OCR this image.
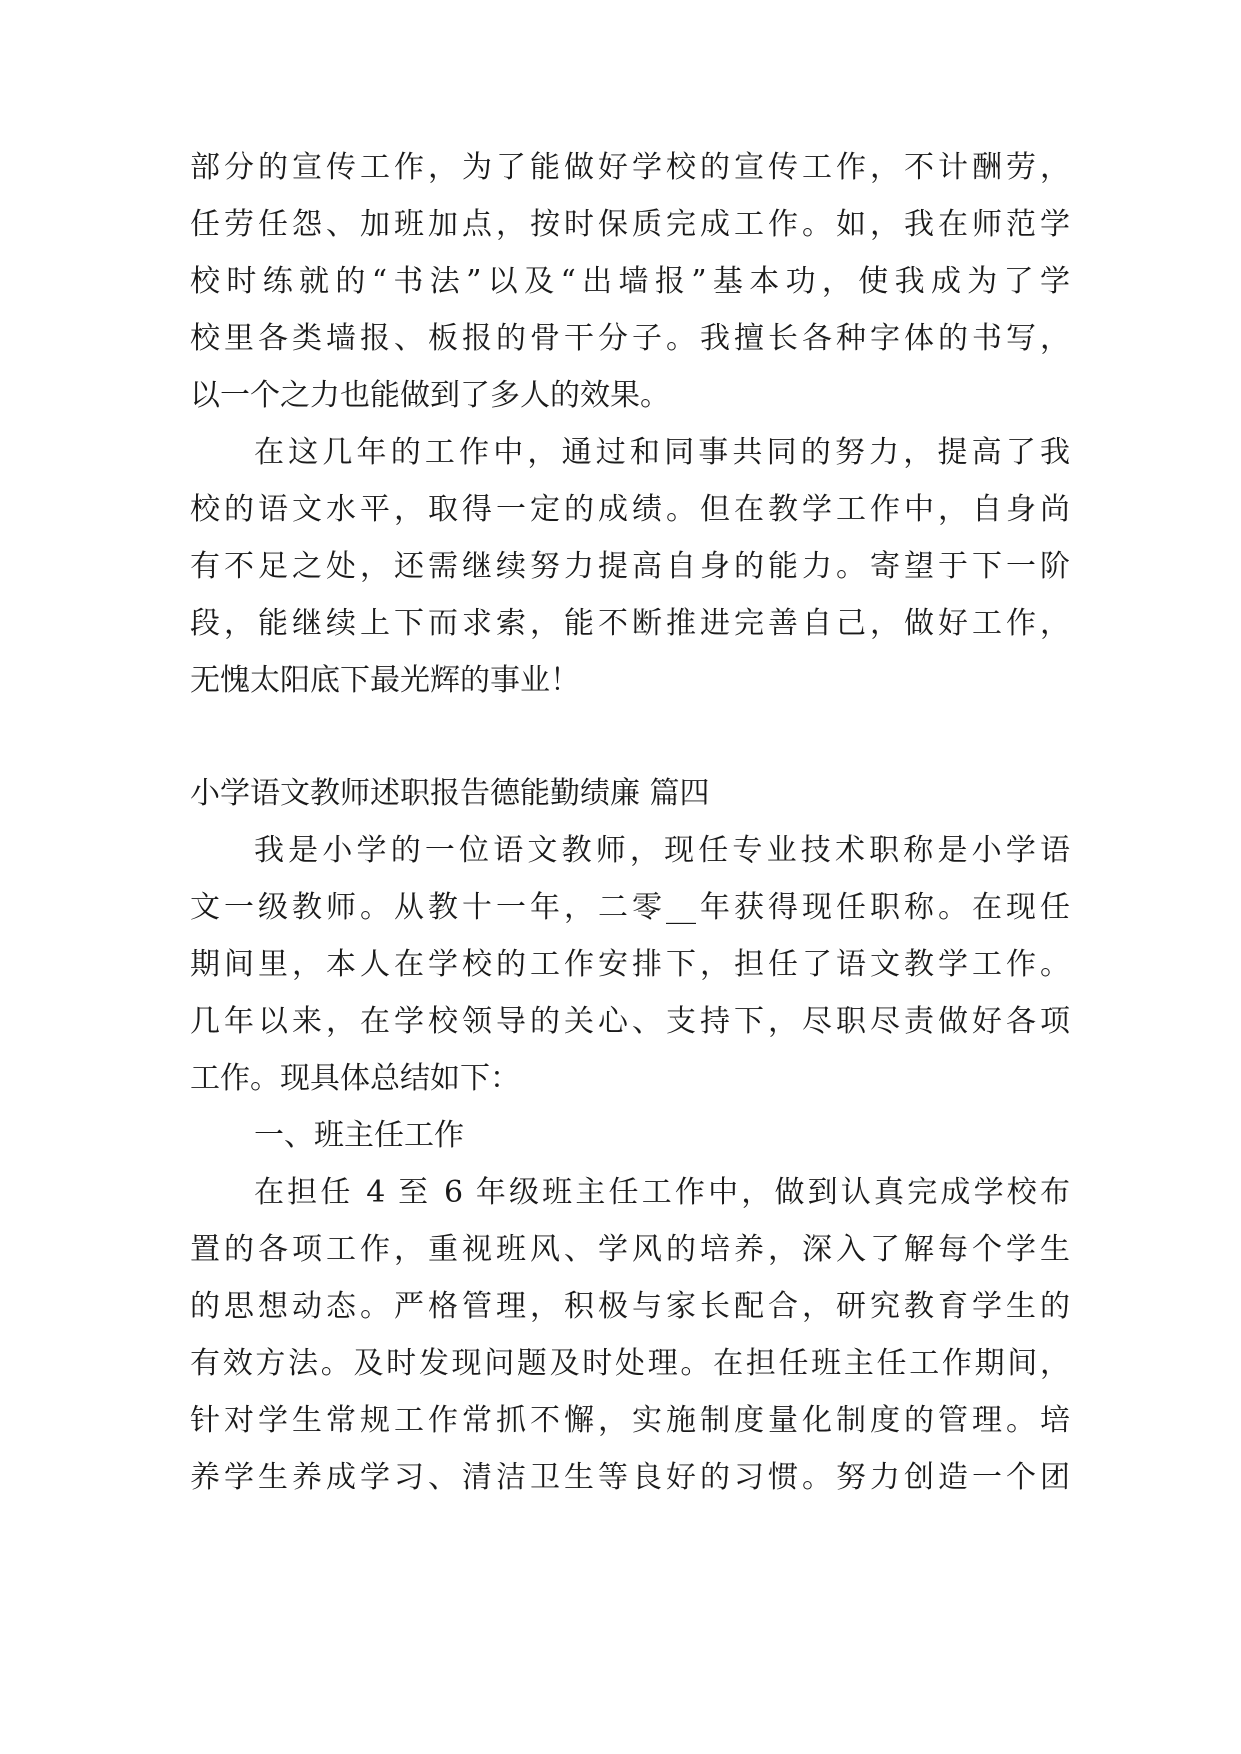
部分的宣传工作，为了能做好学校的宣传工作，不计酬劳，
任劳任怨、加班加点，按时保质完成工作。如，我在师范学
校时练就的“书法”以及“出墙报”基本功，使我成为了学
校里各类墙报、板报的骨干分子。我擅长各种字体的书写，
以一个之力也能做到了多人的效果。
在这几年的工作中，通过和同事共同的努力，提高了我
校的语文水平，取得一定的成绩。但在教学工作中，自身尚
有不足之处，还需继续努力提高自身的能力。寄望于下一阶
段，能继续上下而求索，能不断推进完善自己，做好工作，
无愧太阳底下最光辉的事业！
小学语文教师述职报告德能勤绩廉 篇四
我是小学的一位语文教师，现任专业技术职称是小学语
文一级教师。从教十一年，二零__年获得现任职称。在现任
期间里，本人在学校的工作安排下，担任了语文教学工作。
几年以来，在学校领导的关心、支持下，尽职尽责做好各项
工作。现具体总结如下：
一、班主任工作
在担任 4 至 6 年级班主任工作中，做到认真完成学校布
置的各项工作，重视班风、学风的培养，深入了解每个学生
的思想动态。严格管理，积极与家长配合，研究教育学生的
有效方法。及时发现问题及时处理。在担任班主任工作期间，
针对学生常规工作常抓不懈，实施制度量化制度的管理。培
养学生养成学习、清洁卫生等良好的习惯。努力创造一个团
